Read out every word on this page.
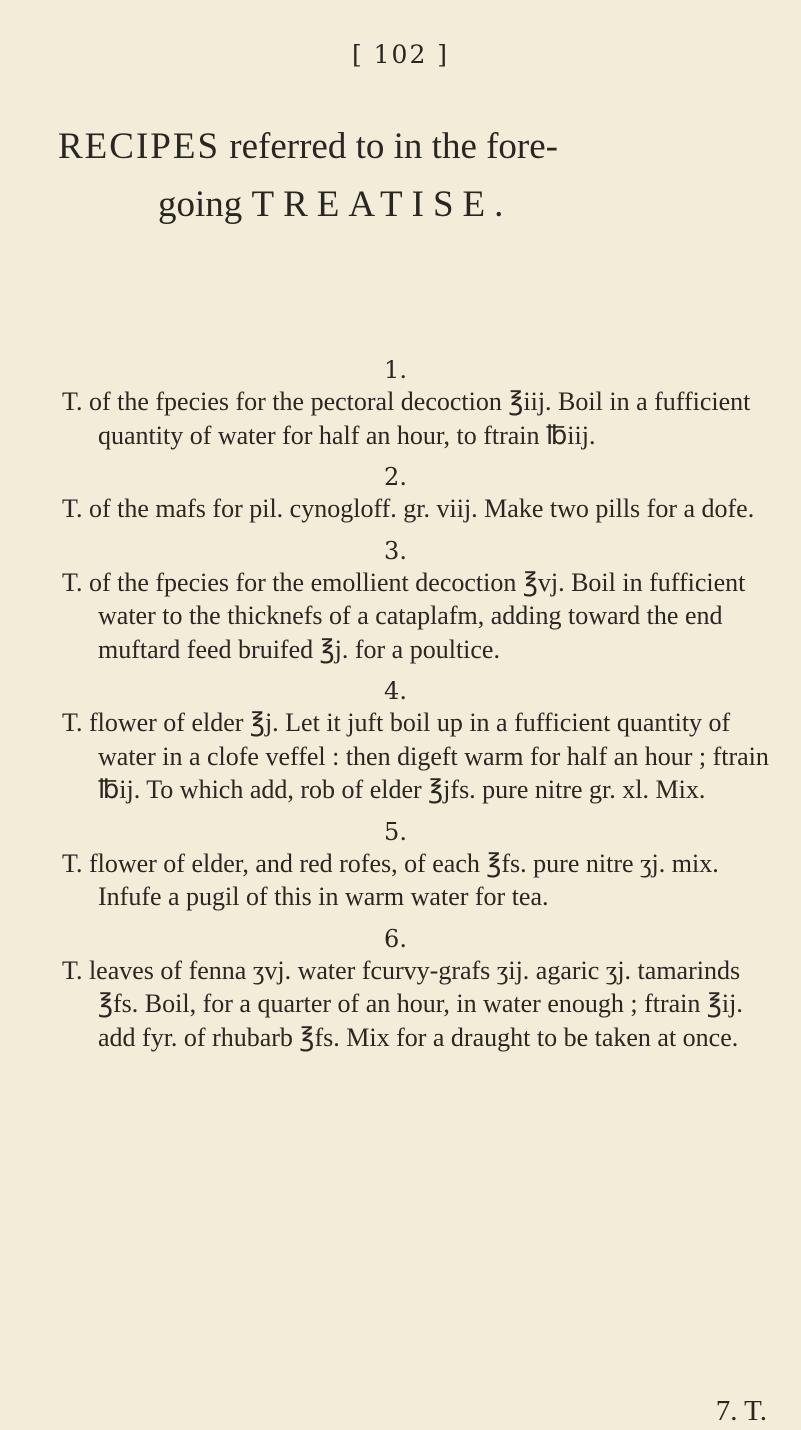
[ 102 ]
RECIPES referred to in the fore-
going TREATISE.
1.

T. of the fpecies for the pectoral decoction ℥iij. Boil in a fufficient quantity of water for half an hour, to ftrain ℔iij.

2.

T. of the mafs for pil. cynogloff. gr. viij. Make two pills for a dofe.

3.

T. of the fpecies for the emollient decoction ℥vj. Boil in fufficient water to the thicknefs of a cataplafm, adding toward the end muftard feed bruifed ℥j. for a poultice.

4.

T. flower of elder ℥j. Let it juft boil up in a fufficient quantity of water in a clofe veffel : then digeft warm for half an hour ; ftrain ℔ij. To which add, rob of elder ℥jfs. pure nitre gr. xl. Mix.

5.

T. flower of elder, and red rofes, of each ℥fs. pure nitre ʒj. mix. Infufe a pugil of this in warm water for tea.

6.

T. leaves of fenna ʒvj. water fcurvy-grafs ʒij. agaric ʒj. tamarinds ℥fs. Boil, for a quarter of an hour, in water enough ; ftrain ℥ij. add fyr. of rhubarb ℥fs. Mix for a draught to be taken at once.

7. T.
